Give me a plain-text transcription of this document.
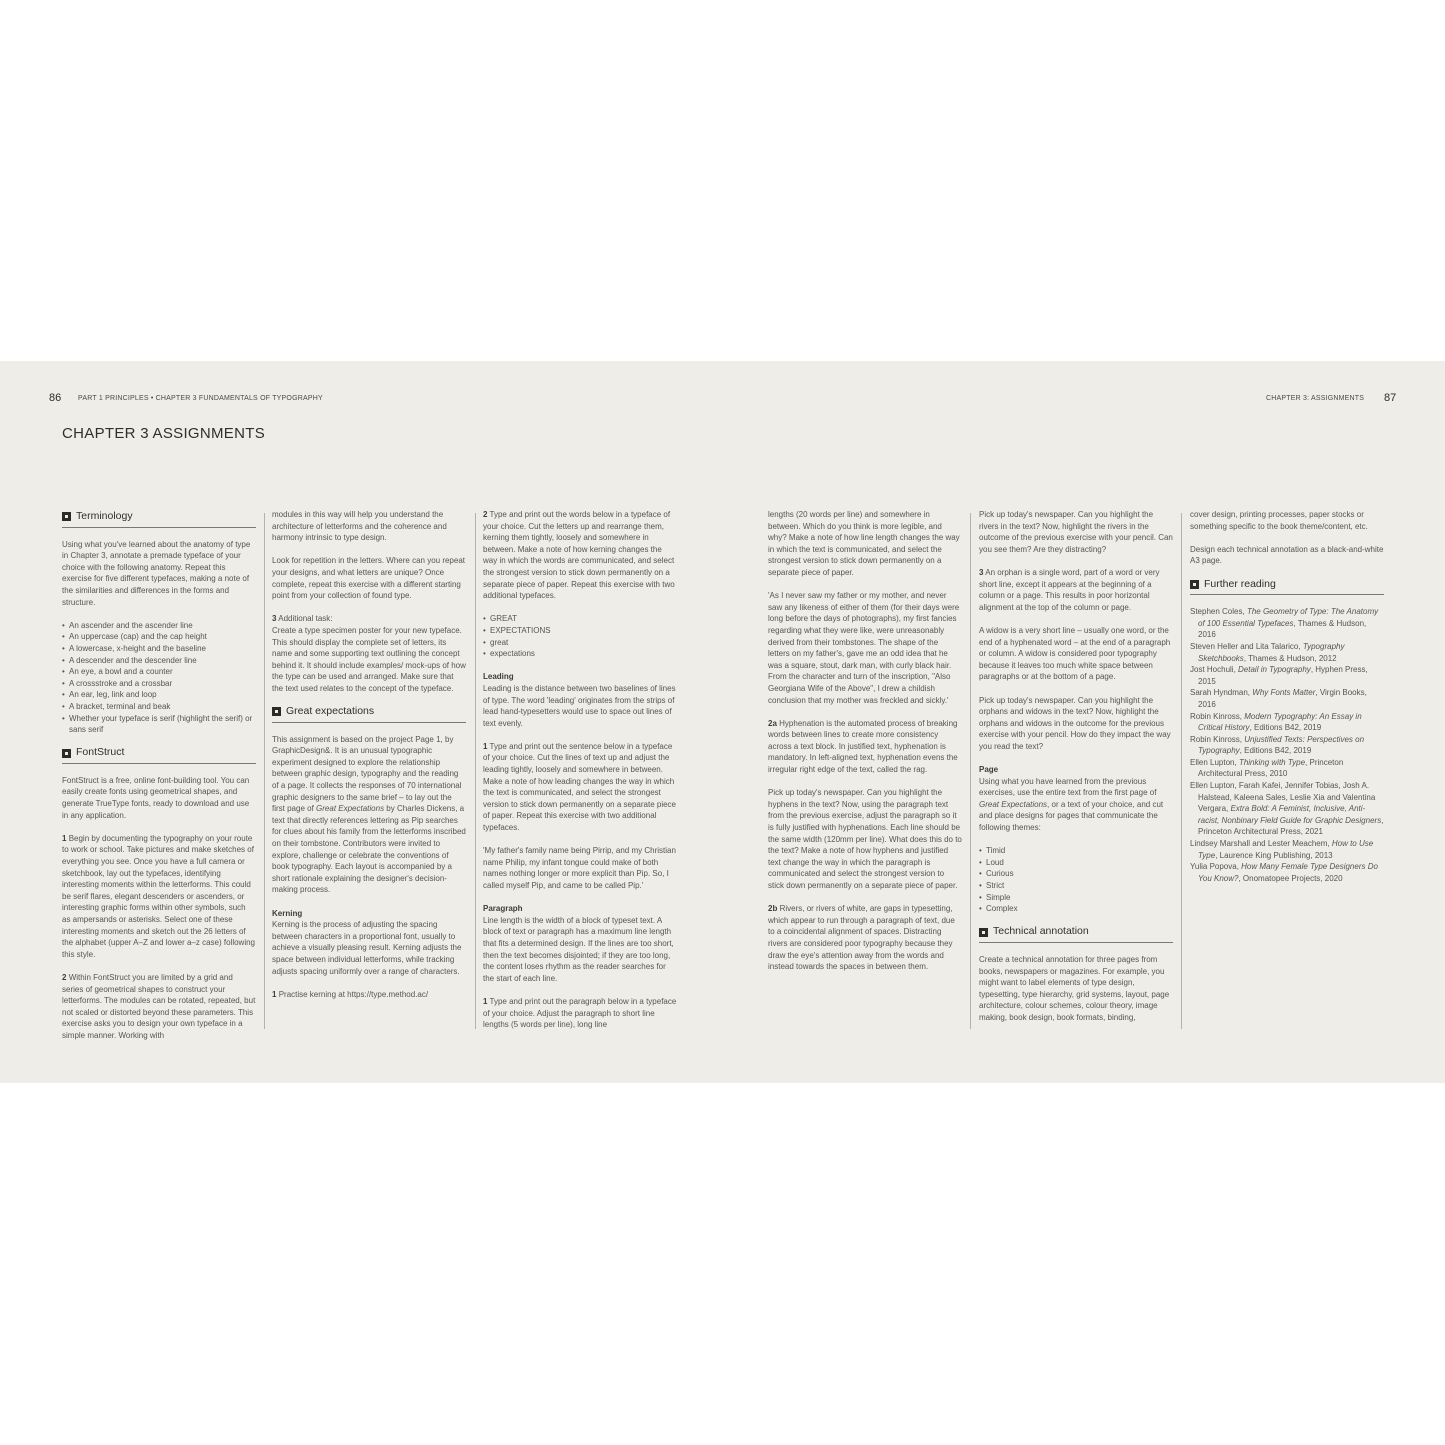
86 PART 1 PRINCIPLES • CHAPTER 3 FUNDAMENTALS OF TYPOGRAPHY	CHAPTER 3: ASSIGNMENTS 87
CHAPTER 3 ASSIGNMENTS
Terminology

Using what you've learned about the anatomy of type in Chapter 3, annotate a premade typeface of your choice with the following anatomy. Repeat this exercise for five different typefaces, making a note of the similarities and differences in the forms and structure.

• An ascender and the ascender line
• An uppercase (cap) and the cap height
• A lowercase, x-height and the baseline
• A descender and the descender line
• An eye, a bowl and a counter
• A crossstroke and a crossbar
• An ear, leg, link and loop
• A bracket, terminal and beak
• Whether your typeface is serif (highlight the serif) or sans serif
FontStruct

FontStruct is a free, online font-building tool. You can easily create fonts using geometrical shapes, and generate TrueType fonts, ready to download and use in any application.

1 Begin by documenting the typography on your route to work or school. Take pictures and make sketches of everything you see. Once you have a full camera or sketchbook, lay out the typefaces, identifying interesting moments within the letterforms. This could be serif flares, elegant descenders or ascenders, or interesting graphic forms within other symbols, such as ampersands or asterisks. Select one of these interesting moments and sketch out the 26 letters of the alphabet (upper A–Z and lower a–z case) following this style.

2 Within FontStruct you are limited by a grid and series of geometrical shapes to construct your letterforms. The modules can be rotated, repeated, but not scaled or distorted beyond these parameters. This exercise asks you to design your own typeface in a simple manner. Working with

modules in this way will help you understand the architecture of letterforms and the coherence and harmony intrinsic to type design.

Look for repetition in the letters. Where can you repeat your designs, and what letters are unique? Once complete, repeat this exercise with a different starting point from your collection of found type.

3 Additional task:
Create a type specimen poster for your new typeface. This should display the complete set of letters, its name and some supporting text outlining the concept behind it. It should include examples/ mock-ups of how the type can be used and arranged. Make sure that the text used relates to the concept of the typeface.

Great expectations

This assignment is based on the project Page 1, by GraphicDesign&. It is an unusual typographic experiment designed to explore the relationship between graphic design, typography and the reading of a page. It collects the responses of 70 international graphic designers to the same brief – to lay out the first page of Great Expectations by Charles Dickens, a text that directly references lettering as Pip searches for clues about his family from the letterforms inscribed on their tombstone. Contributors were invited to explore, challenge or celebrate the conventions of book typography. Each layout is accompanied by a short rationale explaining the designer's decision-making process.

Kerning

Kerning is the process of adjusting the spacing between characters in a proportional font, usually to achieve a visually pleasing result. Kerning adjusts the space between individual letterforms, while tracking adjusts spacing uniformly over a range of characters.

1 Practise kerning at https://type.method.ac/

2 Type and print out the words below in a typeface of your choice. Cut the letters up and rearrange them, kerning them tightly, loosely and somewhere in between. Make a note of how kerning changes the way in which the words are communicated, and select the strongest version to stick down permanently on a separate piece of paper. Repeat this exercise with two additional typefaces.

• GREAT
• EXPECTATIONS
• great
• expectations
Leading

Leading is the distance between two baselines of lines of type. The word 'leading' originates from the strips of lead hand-typesetters would use to space out lines of text evenly.

1 Type and print out the sentence below in a typeface of your choice. Cut the lines of text up and adjust the leading tightly, loosely and somewhere in between. Make a note of how leading changes the way in which the text is communicated, and select the strongest version to stick down permanently on a separate piece of paper. Repeat this exercise with two additional typefaces.

'My father's family name being Pirrip, and my Christian name Philip, my infant tongue could make of both names nothing longer or more explicit than Pip. So, I called myself Pip, and came to be called Pip.'

Paragraph

Line length is the width of a block of typeset text. A block of text or paragraph has a maximum line length that fits a determined design. If the lines are too short, then the text becomes disjointed; if they are too long, the content loses rhythm as the reader searches for the start of each line.

1 Type and print out the paragraph below in a typeface of your choice. Adjust the paragraph to short line lengths (5 words per line), long line

lengths (20 words per line) and somewhere in between. Which do you think is more legible, and why? Make a note of how line length changes the way in which the text is communicated, and select the strongest version to stick down permanently on a separate piece of paper.

'As I never saw my father or my mother, and never saw any likeness of either of them (for their days were long before the days of photographs), my first fancies regarding what they were like, were unreasonably derived from their tombstones. The shape of the letters on my father's, gave me an odd idea that he was a square, stout, dark man, with curly black hair. From the character and turn of the inscription, "Also Georgiana Wife of the Above", I drew a childish conclusion that my mother was freckled and sickly.'

2a Hyphenation is the automated process of breaking words between lines to create more consistency across a text block. In justified text, hyphenation is mandatory. In left-aligned text, hyphenation evens the irregular right edge of the text, called the rag.

Pick up today's newspaper. Can you highlight the hyphens in the text? Now, using the paragraph text from the previous exercise, adjust the paragraph so it is fully justified with hyphenations. Each line should be the same width (120mm per line). What does this do to the text? Make a note of how hyphens and justified text change the way in which the paragraph is communicated and select the strongest version to stick down permanently on a separate piece of paper.

2b Rivers, or rivers of white, are gaps in typesetting, which appear to run through a paragraph of text, due to a coincidental alignment of spaces. Distracting rivers are considered poor typography because they draw the eye's attention away from the words and instead towards the spaces in between them.

Pick up today's newspaper. Can you highlight the rivers in the text? Now, highlight the rivers in the outcome of the previous exercise with your pencil. Can you see them? Are they distracting?

3 An orphan is a single word, part of a word or very short line, except it appears at the beginning of a column or a page. This results in poor horizontal alignment at the top of the column or page.

A widow is a very short line – usually one word, or the end of a hyphenated word – at the end of a paragraph or column. A widow is considered poor typography because it leaves too much white space between paragraphs or at the bottom of a page.

Pick up today's newspaper. Can you highlight the orphans and widows in the text? Now, highlight the orphans and widows in the outcome for the previous exercise with your pencil. How do they impact the way you read the text?

Page

Using what you have learned from the previous exercises, use the entire text from the first page of Great Expectations, or a text of your choice, and cut and place designs for pages that communicate the following themes:

• Timid
• Loud
• Curious
• Strict
• Simple
• Complex
Technical annotation

Create a technical annotation for three pages from books, newspapers or magazines. For example, you might want to label elements of type design, typesetting, type hierarchy, grid systems, layout, page architecture, colour schemes, colour theory, image making, book design, book formats, binding,

cover design, printing processes, paper stocks or something specific to the book theme/content, etc.

Design each technical annotation as a black-and-white A3 page.

Further reading

Stephen Coles, The Geometry of Type: The Anatomy of 100 Essential Typefaces, Thames & Hudson, 2016

Steven Heller and Lita Talarico, Typography Sketchbooks, Thames & Hudson, 2012

Jost Hochuli, Detail in Typography, Hyphen Press, 2015

Sarah Hyndman, Why Fonts Matter, Virgin Books, 2016

Robin Kinross, Modern Typography: An Essay in Critical History, Editions B42, 2019

Robin Kinross, Unjustified Texts: Perspectives on Typography, Editions B42, 2019

Ellen Lupton, Thinking with Type, Princeton Architectural Press, 2010

Ellen Lupton, Farah Kafei, Jennifer Tobias, Josh A. Halstead, Kaleena Sales, Leslie Xia and Valentina Vergara, Extra Bold: A Feminist, Inclusive, Anti-racist, Nonbinary Field Guide for Graphic Designers, Princeton Architectural Press, 2021

Lindsey Marshall and Lester Meachem, How to Use Type, Laurence King Publishing, 2013

Yulia Popova, How Many Female Type Designers Do You Know?, Onomatopee Projects, 2020
